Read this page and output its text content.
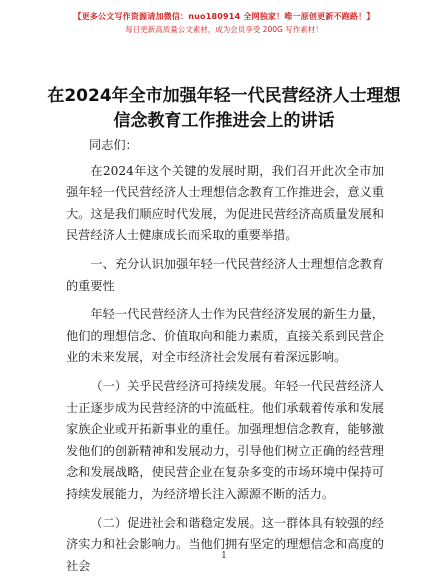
【更多公文写作资源请加微信：nuo180914 全网独家！唯一原创更新不跑路！】
每日更新高质量公文素材，成为会员享受 200G 写作素材！
在2024年全市加强年轻一代民营经济人士理想
信念教育工作推进会上的讲话
同志们：
在2024年这个关键的发展时期，我们召开此次全市加强年轻一代民营经济人士理想信念教育工作推进会，意义重大。这是我们顺应时代发展，为促进民营经济高质量发展和民营经济人士健康成长而采取的重要举措。
一、充分认识加强年轻一代民营经济人士理想信念教育的重要性
年轻一代民营经济人士作为民营经济发展的新生力量，他们的理想信念、价值取向和能力素质，直接关系到民营企业的未来发展，对全市经济社会发展有着深远影响。
（一）关乎民营经济可持续发展。年轻一代民营经济人士正逐步成为民营经济的中流砥柱。他们承载着传承和发展家族企业或开拓新事业的重任。加强理想信念教育，能够激发他们的创新精神和发展动力，引导他们树立正确的经营理念和发展战略，使民营企业在复杂多变的市场环境中保持可持续发展能力，为经济增长注入源源不断的活力。
（二）促进社会和谐稳定发展。这一群体具有较强的经济实力和社会影响力。当他们拥有坚定的理想信念和高度的社会
1
